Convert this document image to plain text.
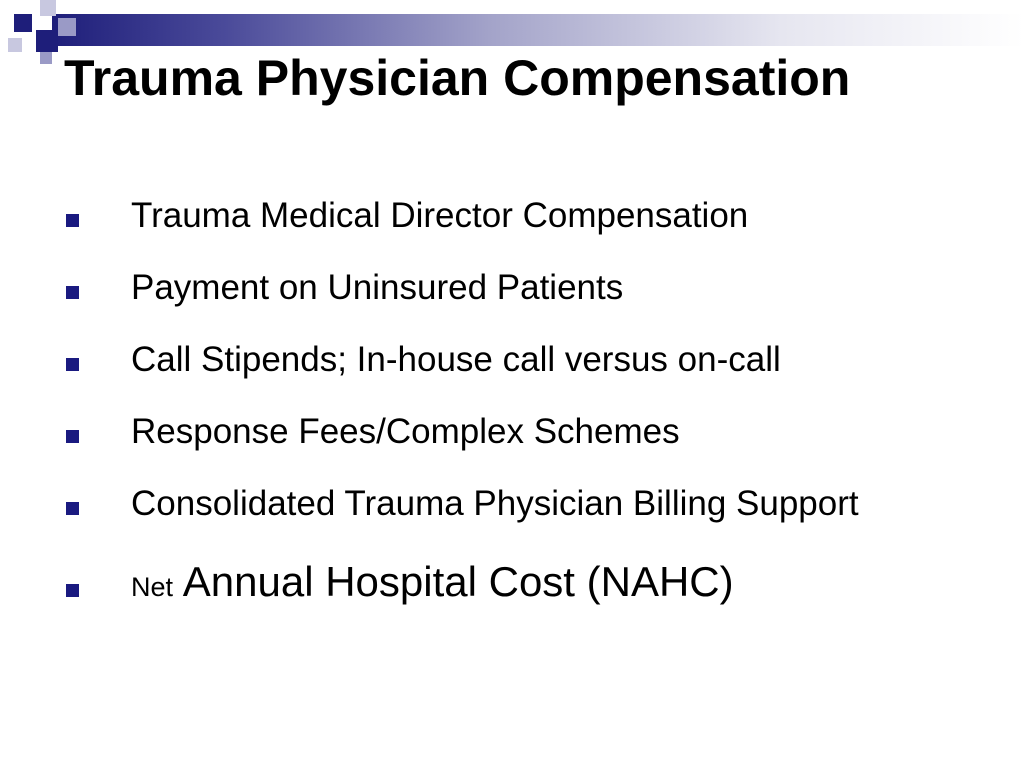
Trauma Physician Compensation
Trauma Medical Director Compensation
Payment on Uninsured Patients
Call Stipends; In-house call versus on-call
Response Fees/Complex Schemes
Consolidated Trauma Physician Billing Support
Net Annual Hospital Cost (NAHC)
